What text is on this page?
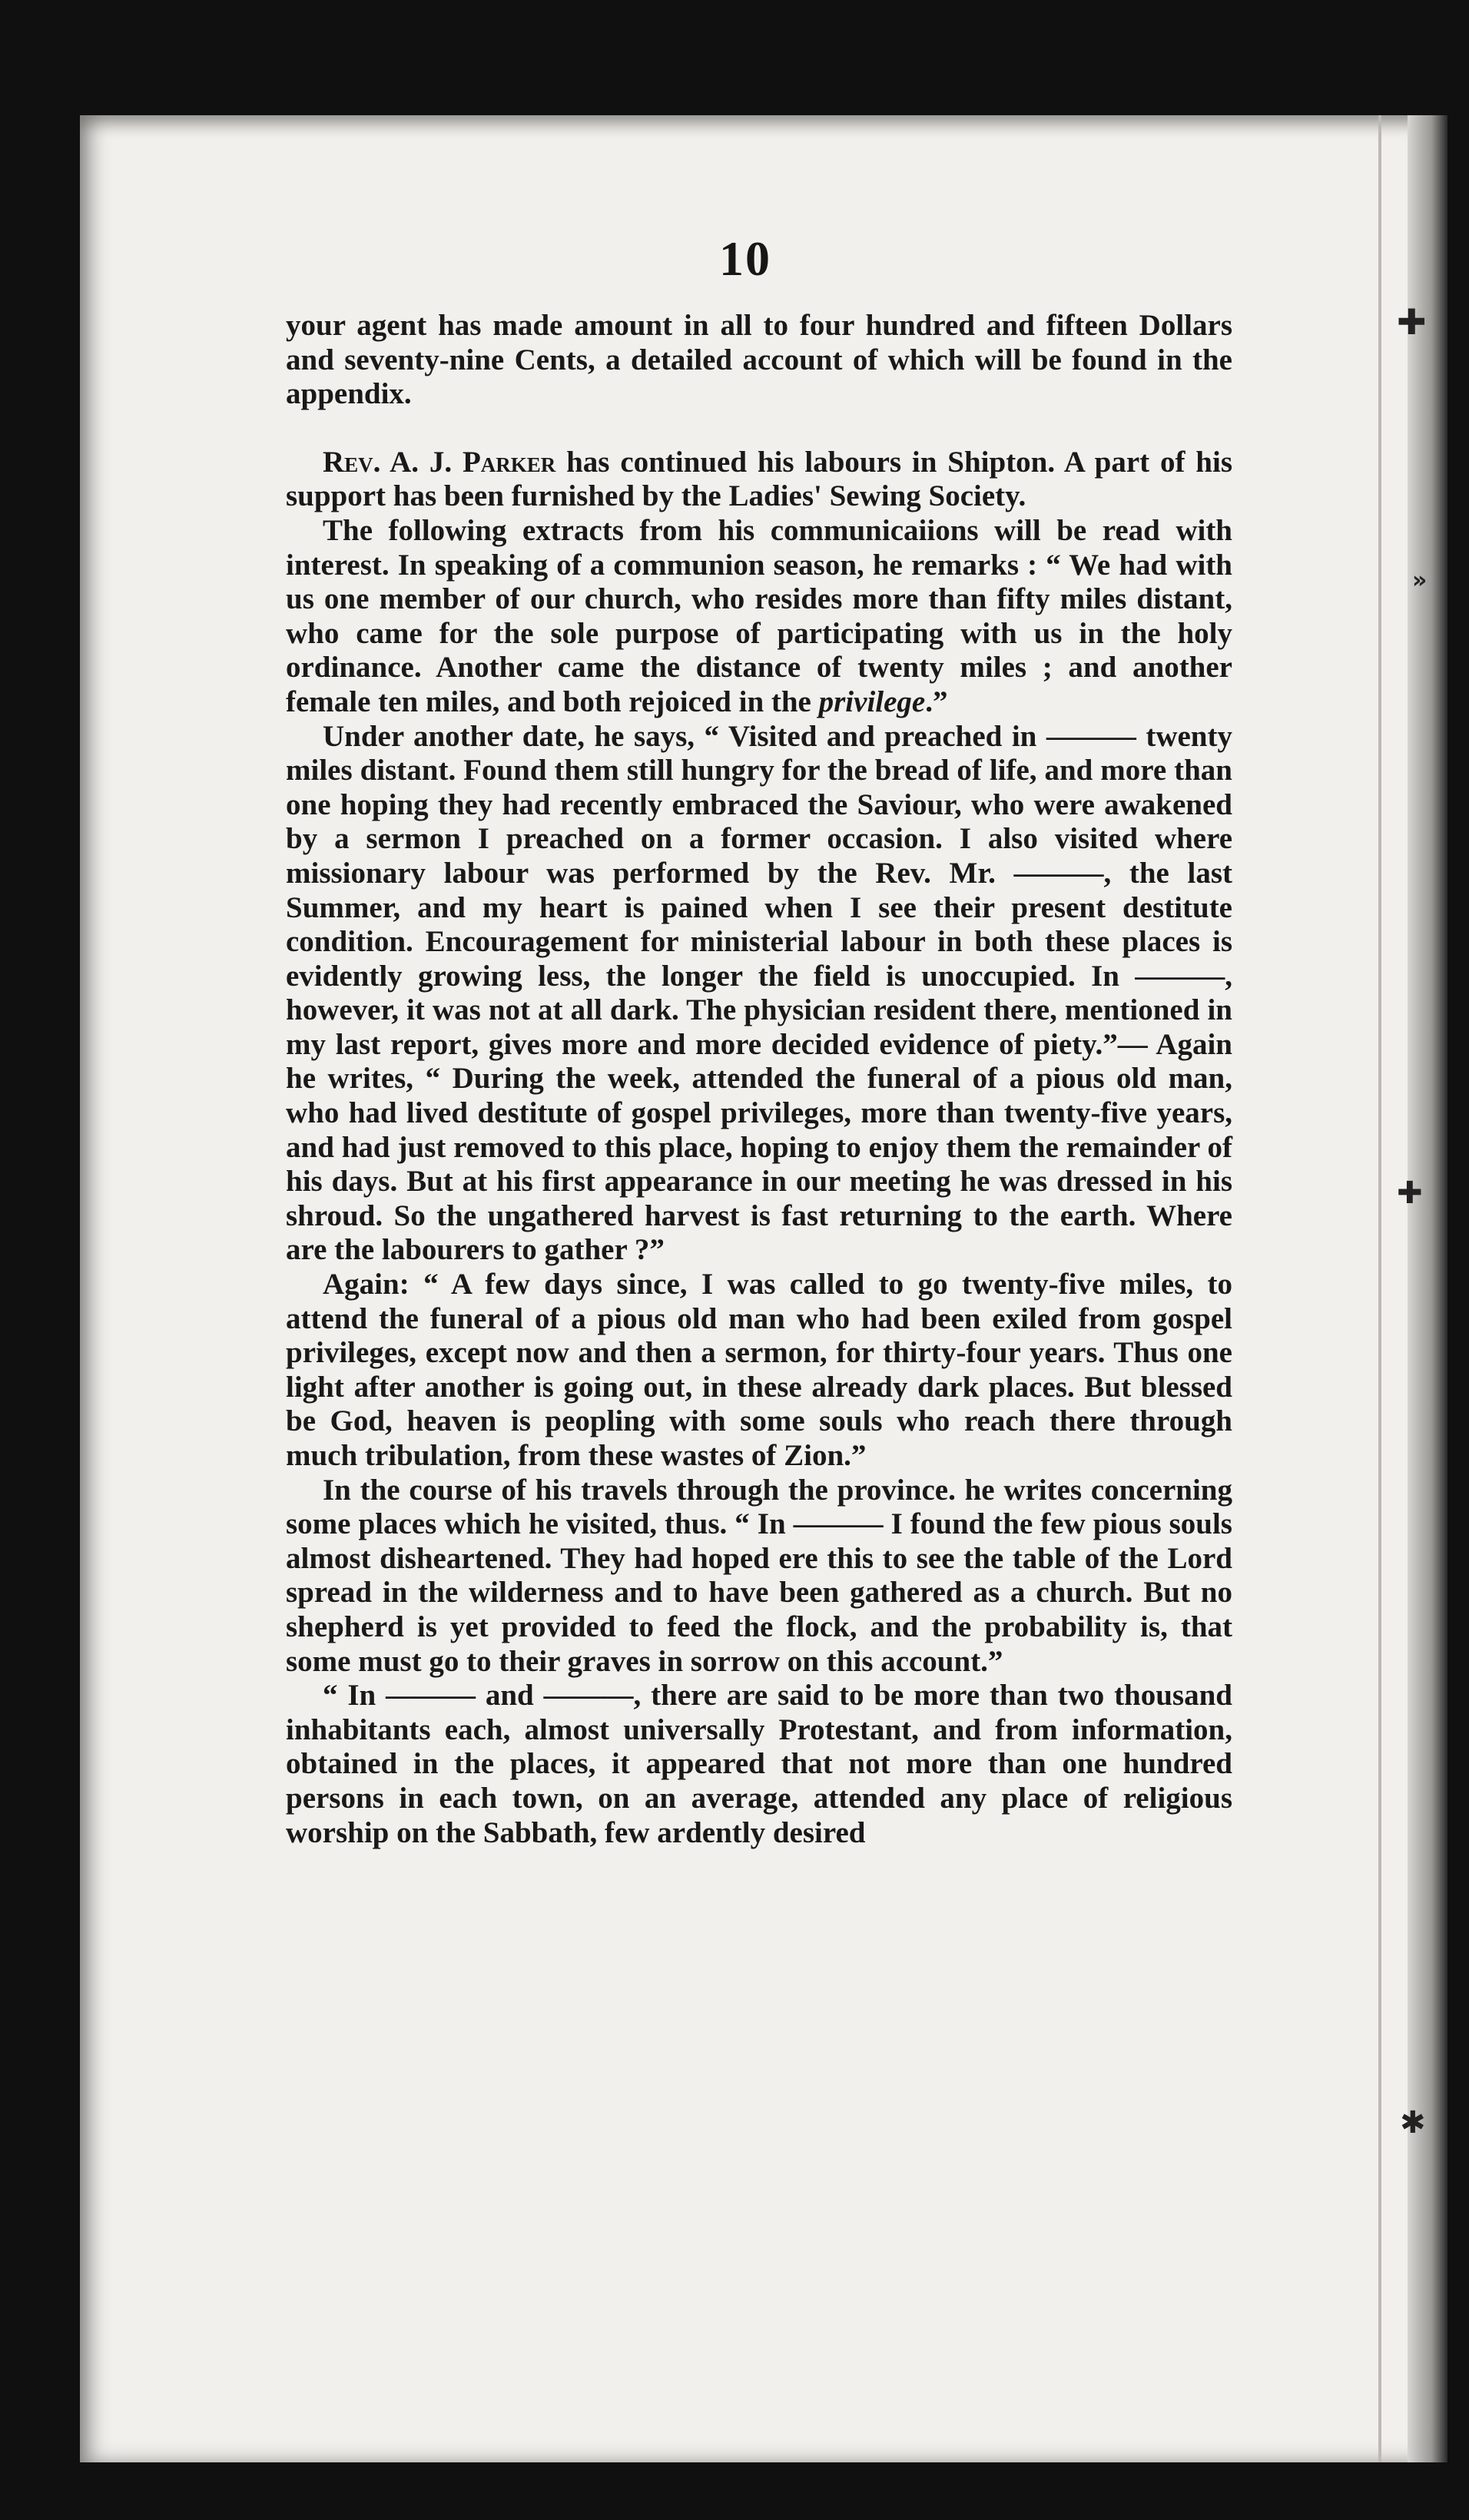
✚
»
✚
✱
10

your agent has made amount in all to four hundred and fifteen Dollars and seventy-nine Cents, a detailed account of which will be found in the appendix.

Rev. A. J. Parker has continued his labours in Shipton. A part of his support has been furnished by the Ladies' Sewing Society.

The following extracts from his communicaiions will be read with interest. In speaking of a communion season, he remarks : “ We had with us one member of our church, who resides more than fifty miles distant, who came for the sole purpose of participating with us in the holy ordinance. Another came the distance of twenty miles ; and another female ten miles, and both rejoiced in the privilege.”

Under another date, he says, “ Visited and preached in ——— twenty miles distant. Found them still hungry for the bread of life, and more than one hoping they had recently embraced the Saviour, who were awakened by a sermon I preached on a former occasion. I also visited where missionary labour was performed by the Rev. Mr. ———, the last Summer, and my heart is pained when I see their present destitute condition. Encouragement for ministerial labour in both these places is evidently growing less, the longer the field is unoccupied. In ———, however, it was not at all dark. The physician resident there, mentioned in my last report, gives more and more decided evidence of piety.”— Again he writes, “ During the week, attended the funeral of a pious old man, who had lived destitute of gospel privileges, more than twenty-five years, and had just removed to this place, hoping to enjoy them the remainder of his days. But at his first appearance in our meeting he was dressed in his shroud. So the ungathered harvest is fast returning to the earth. Where are the labourers to gather ?”

Again: “ A few days since, I was called to go twenty-five miles, to attend the funeral of a pious old man who had been exiled from gospel privileges, except now and then a sermon, for thirty-four years. Thus one light after another is going out, in these already dark places. But blessed be God, heaven is peopling with some souls who reach there through much tribulation, from these wastes of Zion.”

In the course of his travels through the province. he writes concerning some places which he visited, thus. “ In ——— I found the few pious souls almost disheartened. They had hoped ere this to see the table of the Lord spread in the wilderness and to have been gathered as a church. But no shepherd is yet provided to feed the flock, and the probability is, that some must go to their graves in sorrow on this account.”

“ In ——— and ———, there are said to be more than two thousand inhabitants each, almost universally Protestant, and from information, obtained in the places, it appeared that not more than one hundred persons in each town, on an average, attended any place of religious worship on the Sabbath, few ardently desired
